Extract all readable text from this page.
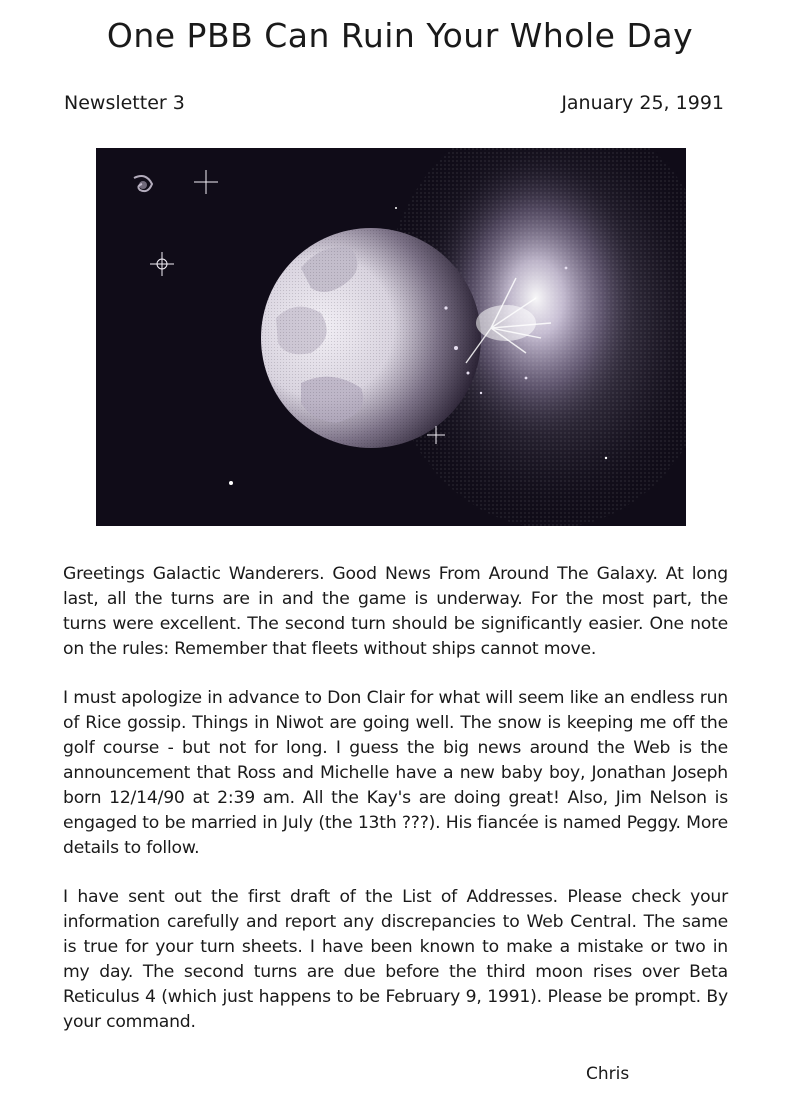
One PBB Can Ruin Your Whole Day
Newsletter 3	January 25, 1991

Greetings Galactic Wanderers. Good News From Around The Galaxy. At long last, all the turns are in and the game is underway. For the most part, the turns were excellent. The second turn should be significantly easier. One note on the rules: Remember that fleets without ships cannot move.

I must apologize in advance to Don Clair for what will seem like an endless run of Rice gossip. Things in Niwot are going well. The snow is keeping me off the golf course - but not for long. I guess the big news around the Web is the announcement that Ross and Michelle have a new baby boy, Jonathan Joseph born 12/14/90 at 2:39 am. All the Kay's are doing great! Also, Jim Nelson is engaged to be married in July (the 13th ???). His fiancée is named Peggy. More details to follow.

I have sent out the first draft of the List of Addresses. Please check your information carefully and report any discrepancies to Web Central. The same is true for your turn sheets. I have been known to make a mistake or two in my day. The second turns are due before the third moon rises over Beta Reticulus 4 (which just happens to be February 9, 1991). Please be prompt. By your command.

Chris
